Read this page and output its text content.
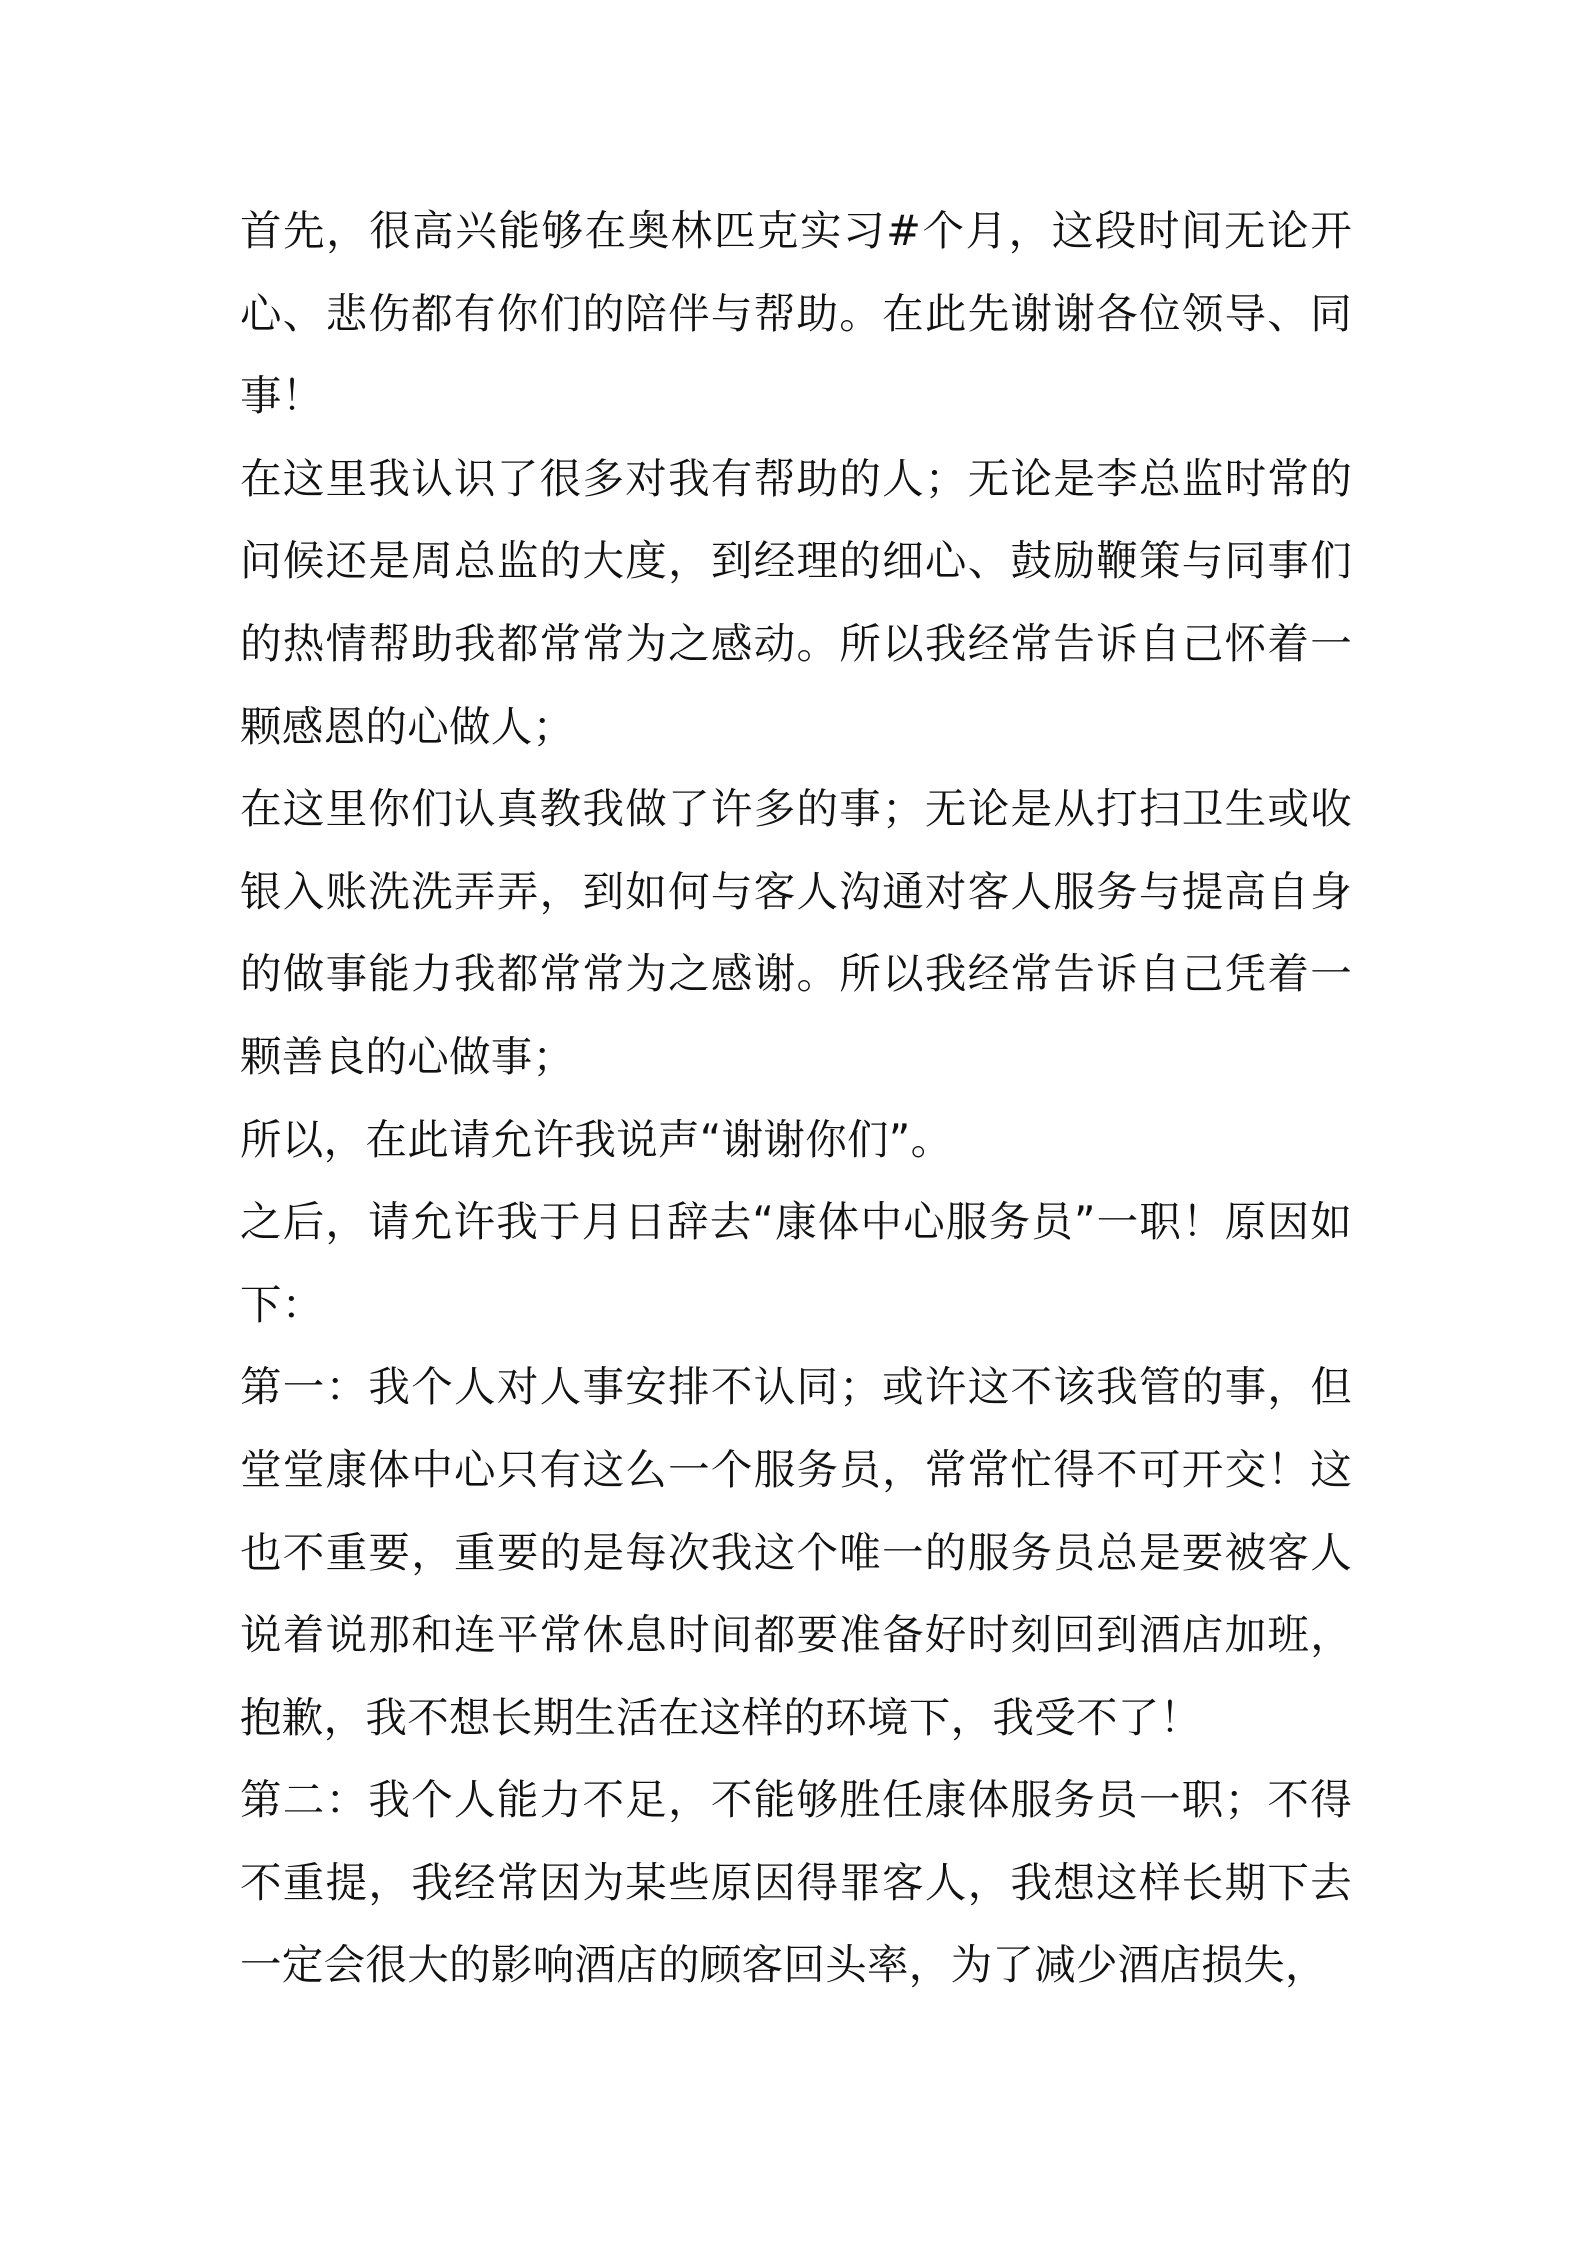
首先，很高兴能够在奥林匹克实习#个月，这段时间无论开心、悲伤都有你们的陪伴与帮助。在此先谢谢各位领导、同事！

在这里我认识了很多对我有帮助的人；无论是李总监时常的问候还是周总监的大度，到经理的细心、鼓励鞭策与同事们的热情帮助我都常常为之感动。所以我经常告诉自己怀着一颗感恩的心做人；

在这里你们认真教我做了许多的事；无论是从打扫卫生或收银入账洗洗弄弄，到如何与客人沟通对客人服务与提高自身的做事能力我都常常为之感谢。所以我经常告诉自己凭着一颗善良的心做事；

所以，在此请允许我说声“谢谢你们”。

之后，请允许我于月日辞去“康体中心服务员”一职！原因如下：

第一：我个人对人事安排不认同；或许这不该我管的事，但堂堂康体中心只有这么一个服务员，常常忙得不可开交！这也不重要，重要的是每次我这个唯一的服务员总是要被客人说着说那和连平常休息时间都要准备好时刻回到酒店加班，抱歉，我不想长期生活在这样的环境下，我受不了！

第二：我个人能力不足，不能够胜任康体服务员一职；不得不重提，我经常因为某些原因得罪客人，我想这样长期下去一定会很大的影响酒店的顾客回头率，为了减少酒店损失，
